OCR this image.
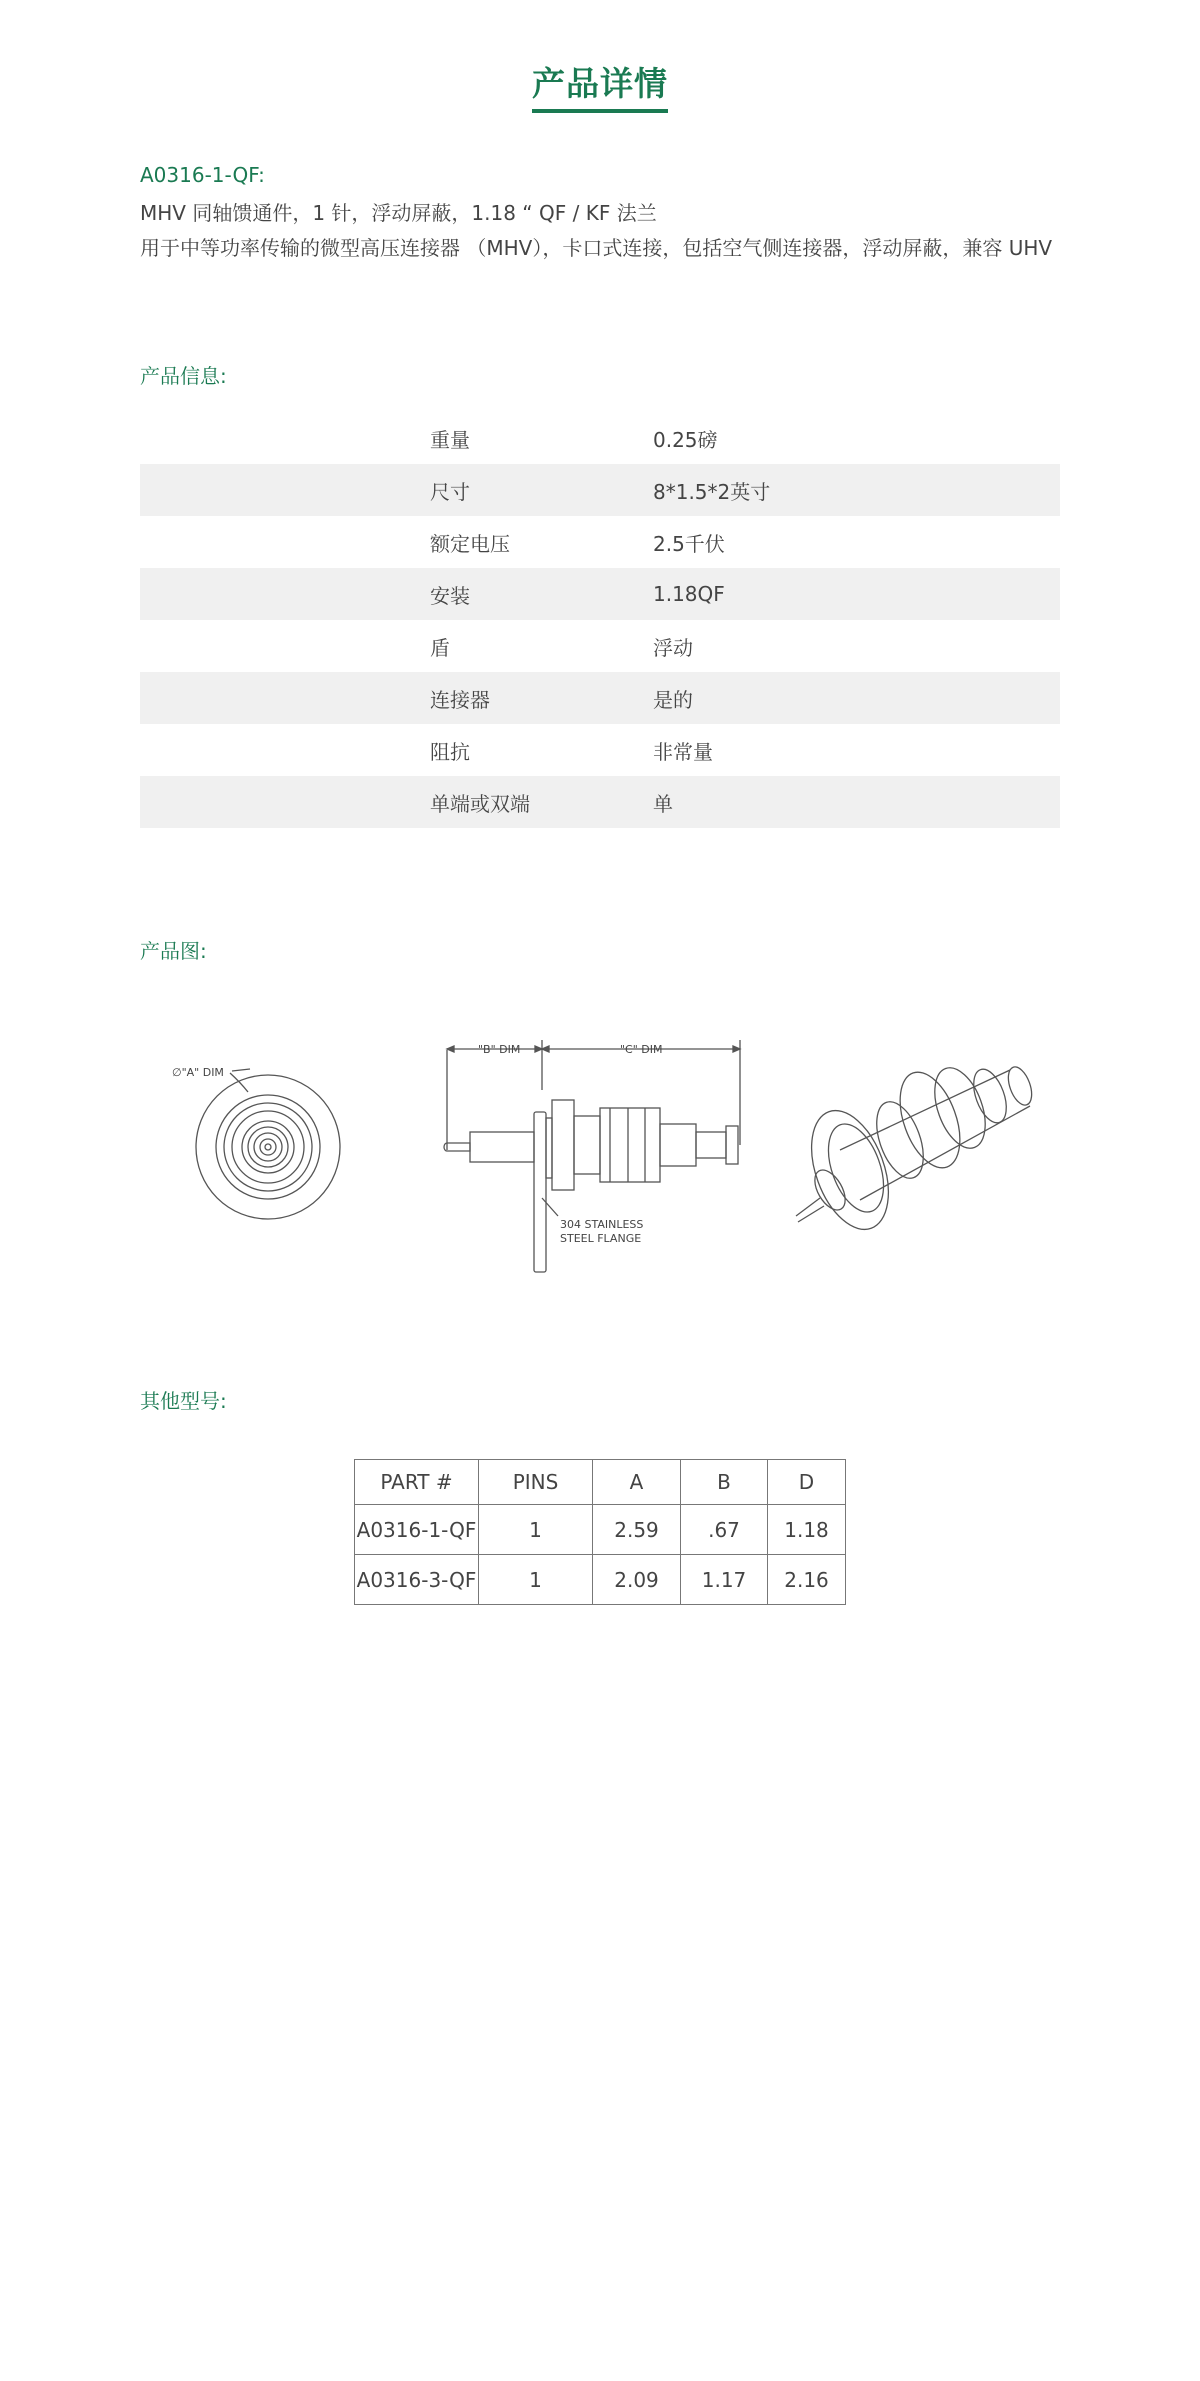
产品详情
A0316-1-QF:
MHV 同轴馈通件，1 针，浮动屏蔽，1.18 “ QF / KF 法兰
用于中等功率传输的微型高压连接器 （MHV），卡口式连接，包括空气侧连接器，浮动屏蔽，兼容 UHV
产品信息:
重量	0.25磅
尺寸	8*1.5*2英寸
额定电压	2.5千伏
安装	1.18QF
盾	浮动
连接器	是的
阻抗	非常量
单端或双端	单
产品图:
∅"A" DIM
"B" DIM	"C" DIM
304 STAINLESS
STEEL FLANGE
其他型号:
PART #	PINS	A	B	D
A0316-1-QF	1	2.59	.67	1.18
A0316-3-QF	1	2.09	1.17	2.16
